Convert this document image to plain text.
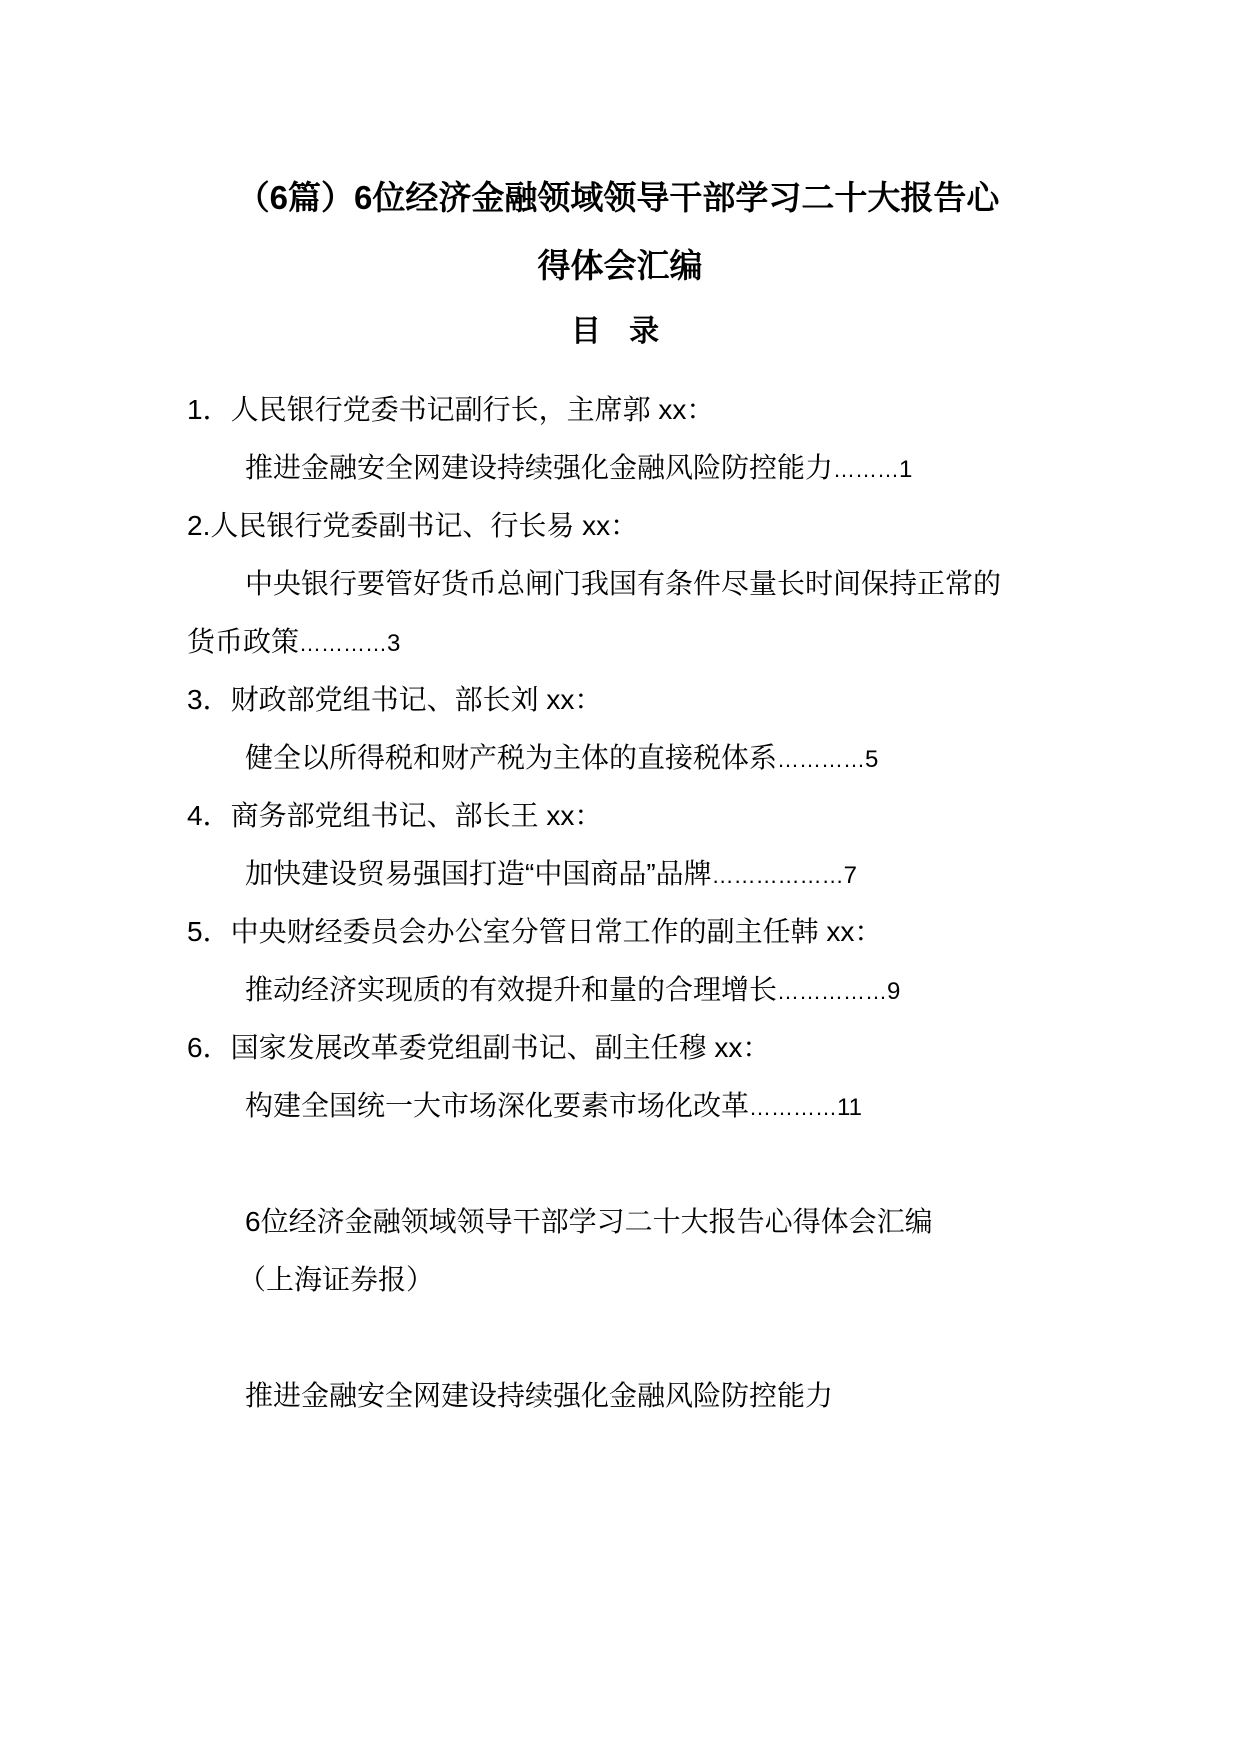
（6篇）6位经济金融领域领导干部学习二十大报告心
得体会汇编
目 录
1．人民银行党委书记副行长，主席郭 xx：
推进金融安全网建设持续强化金融风险防控能力………1
2.人民银行党委副书记、行长易 xx：
中央银行要管好货币总闸门我国有条件尽量长时间保持正常的
货币政策…………3
3．财政部党组书记、部长刘 xx：
健全以所得税和财产税为主体的直接税体系…………5
4．商务部党组书记、部长王 xx：
加快建设贸易强国打造“中国商品”品牌………………7
5．中央财经委员会办公室分管日常工作的副主任韩 xx：
推动经济实现质的有效提升和量的合理增长……………9
6．国家发展改革委党组副书记、副主任穆 xx：
构建全国统一大市场深化要素市场化改革…………11
6位经济金融领域领导干部学习二十大报告心得体会汇编
（上海证券报）
推进金融安全网建设持续强化金融风险防控能力
